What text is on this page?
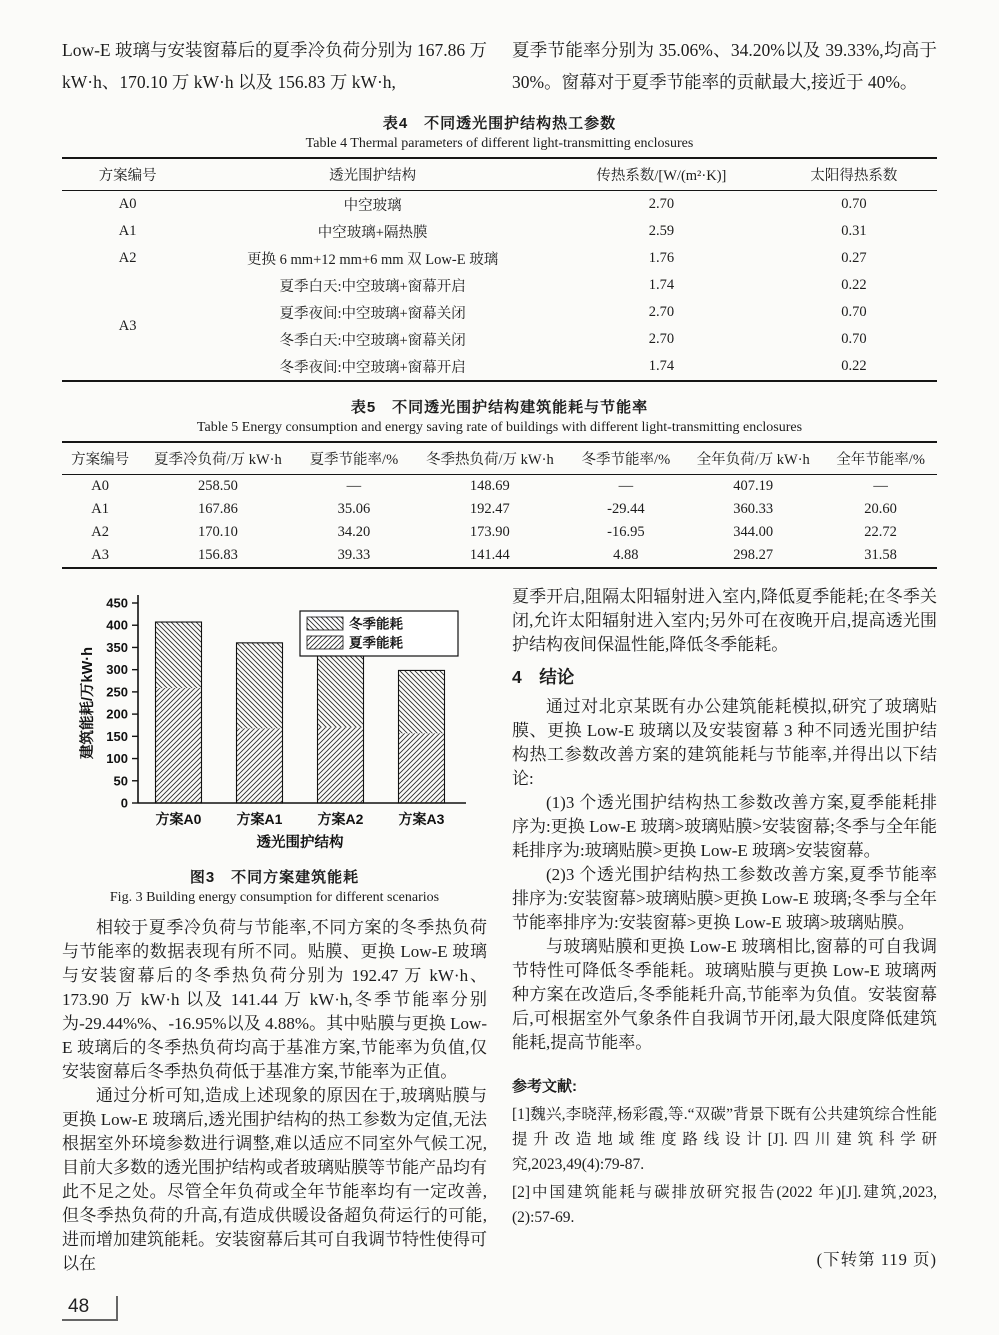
Low-E 玻璃与安装窗幕后的夏季冷负荷分别为 167.86 万 kW·h、170.10 万 kW·h 以及 156.83 万 kW·h,

夏季节能率分别为 35.06%、34.20%以及 39.33%,均高于 30%。窗幕对于夏季节能率的贡献最大,接近于 40%。

表4　不同透光围护结构热工参数
Table 4 Thermal parameters of different light-transmitting enclosures
方案编号	透光围护结构	传热系数/[W/(m²·K)]	太阳得热系数
A0	中空玻璃	2.70	0.70
A1	中空玻璃+隔热膜	2.59	0.31
A2	更换 6 mm+12 mm+6 mm 双 Low-E 玻璃	1.76	0.27
A3	夏季白天:中空玻璃+窗幕开启	1.74	0.22
	夏季夜间:中空玻璃+窗幕关闭	2.70	0.70
	冬季白天:中空玻璃+窗幕关闭	2.70	0.70
	冬季夜间:中空玻璃+窗幕开启	1.74	0.22
表5　不同透光围护结构建筑能耗与节能率
Table 5 Energy consumption and energy saving rate of buildings with different light-transmitting enclosures
方案编号	夏季冷负荷/万 kW·h	夏季节能率/%	冬季热负荷/万 kW·h	冬季节能率/%	全年负荷/万 kW·h	全年节能率/%
A0	258.50	—	148.69	—	407.19	—
A1	167.86	35.06	192.47	-29.44	360.33	20.60
A2	170.10	34.20	173.90	-16.95	344.00	22.72
A3	156.83	39.33	141.44	4.88	298.27	31.58
0
50
100
150
200
250
300
350
400
450
方案A0	方案A1	方案A2	方案A3
透光围护结构
建筑能耗/万kW·h
冬季能耗
夏季能耗
图3　不同方案建筑能耗
Fig. 3 Building energy consumption for different scenarios

相较于夏季冷负荷与节能率,不同方案的冬季热负荷与节能率的数据表现有所不同。贴膜、更换 Low-E 玻璃与安装窗幕后的冬季热负荷分别为 192.47 万 kW·h、173.90 万 kW·h 以及 141.44 万 kW·h,冬季节能率分别为-29.44%%、-16.95%以及 4.88%。其中贴膜与更换 Low-E 玻璃后的冬季热负荷均高于基准方案,节能率为负值,仅安装窗幕后冬季热负荷低于基准方案,节能率为正值。

通过分析可知,造成上述现象的原因在于,玻璃贴膜与更换 Low-E 玻璃后,透光围护结构的热工参数为定值,无法根据室外环境参数进行调整,难以适应不同室外气候工况,目前大多数的透光围护结构或者玻璃贴膜等节能产品均有此不足之处。尽管全年负荷或全年节能率均有一定改善,但冬季热负荷的升高,有造成供暖设备超负荷运行的可能,进而增加建筑能耗。安装窗幕后其可自我调节特性使得可以在

夏季开启,阻隔太阳辐射进入室内,降低夏季能耗;在冬季关闭,允许太阳辐射进入室内;另外可在夜晚开启,提高透光围护结构夜间保温性能,降低冬季能耗。

4　结论

通过对北京某既有办公建筑能耗模拟,研究了玻璃贴膜、更换 Low-E 玻璃以及安装窗幕 3 种不同透光围护结构热工参数改善方案的建筑能耗与节能率,并得出以下结论:

(1)3 个透光围护结构热工参数改善方案,夏季能耗排序为:更换 Low-E 玻璃>玻璃贴膜>安装窗幕;冬季与全年能耗排序为:玻璃贴膜>更换 Low-E 玻璃>安装窗幕。

(2)3 个透光围护结构热工参数改善方案,夏季节能率排序为:安装窗幕>玻璃贴膜>更换 Low-E 玻璃;冬季与全年节能率排序为:安装窗幕>更换 Low-E 玻璃>玻璃贴膜。

与玻璃贴膜和更换 Low-E 玻璃相比,窗幕的可自我调节特性可降低冬季能耗。玻璃贴膜与更换 Low-E 玻璃两种方案在改造后,冬季能耗升高,节能率为负值。安装窗幕后,可根据室外气象条件自我调节开闭,最大限度降低建筑能耗,提高节能率。

参考文献:

[1]魏兴,李晓萍,杨彩霞,等.“双碳”背景下既有公共建筑综合性能提升改造地域维度路线设计[J].四川建筑科学研究,2023,49(4):79-87.

[2]中国建筑能耗与碳排放研究报告(2022 年)[J].建筑,2023,(2):57-69.

(下转第 119 页)

48
